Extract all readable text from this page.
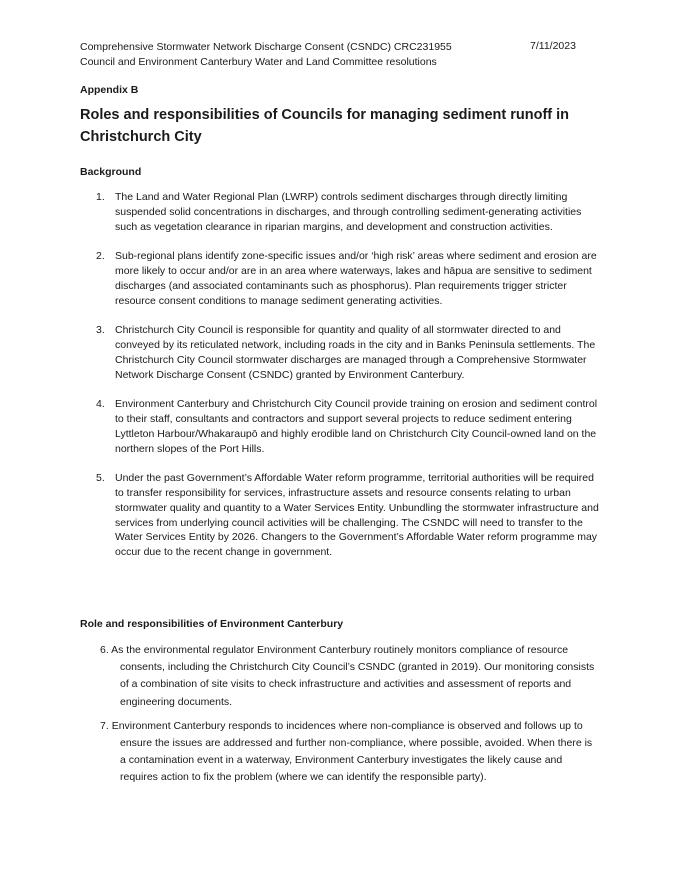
Comprehensive Stormwater Network Discharge Consent (CSNDC) CRC231955
Council and Environment Canterbury Water and Land Committee resolutions
7/11/2023
Appendix B
Roles and responsibilities of Councils for managing sediment runoff in Christchurch City
Background
1. The Land and Water Regional Plan (LWRP) controls sediment discharges through directly limiting suspended solid concentrations in discharges, and through controlling sediment-generating activities such as vegetation clearance in riparian margins, and development and construction activities.
2. Sub-regional plans identify zone-specific issues and/or ‘high risk’ areas where sediment and erosion are more likely to occur and/or are in an area where waterways, lakes and hāpua are sensitive to sediment discharges (and associated contaminants such as phosphorus). Plan requirements trigger stricter resource consent conditions to manage sediment generating activities.
3. Christchurch City Council is responsible for quantity and quality of all stormwater directed to and conveyed by its reticulated network, including roads in the city and in Banks Peninsula settlements. The Christchurch City Council stormwater discharges are managed through a Comprehensive Stormwater Network Discharge Consent (CSNDC) granted by Environment Canterbury.
4. Environment Canterbury and Christchurch City Council provide training on erosion and sediment control to their staff, consultants and contractors and support several projects to reduce sediment entering Lyttleton Harbour/Whakaraupō and highly erodible land on Christchurch City Council-owned land on the northern slopes of the Port Hills.
5. Under the past Government’s Affordable Water reform programme, territorial authorities will be required to transfer responsibility for services, infrastructure assets and resource consents relating to urban stormwater quality and quantity to a Water Services Entity. Unbundling the stormwater infrastructure and services from underlying council activities will be challenging. The CSNDC will need to transfer to the Water Services Entity by 2026. Changers to the Government’s Affordable Water reform programme may occur due to the recent change in government.
Role and responsibilities of Environment Canterbury
6. As the environmental regulator Environment Canterbury routinely monitors compliance of resource consents, including the Christchurch City Council’s CSNDC (granted in 2019). Our monitoring consists of a combination of site visits to check infrastructure and activities and assessment of reports and engineering documents.
7. Environment Canterbury responds to incidences where non-compliance is observed and follows up to ensure the issues are addressed and further non-compliance, where possible, avoided. When there is a contamination event in a waterway, Environment Canterbury investigates the likely cause and requires action to fix the problem (where we can identify the responsible party).
